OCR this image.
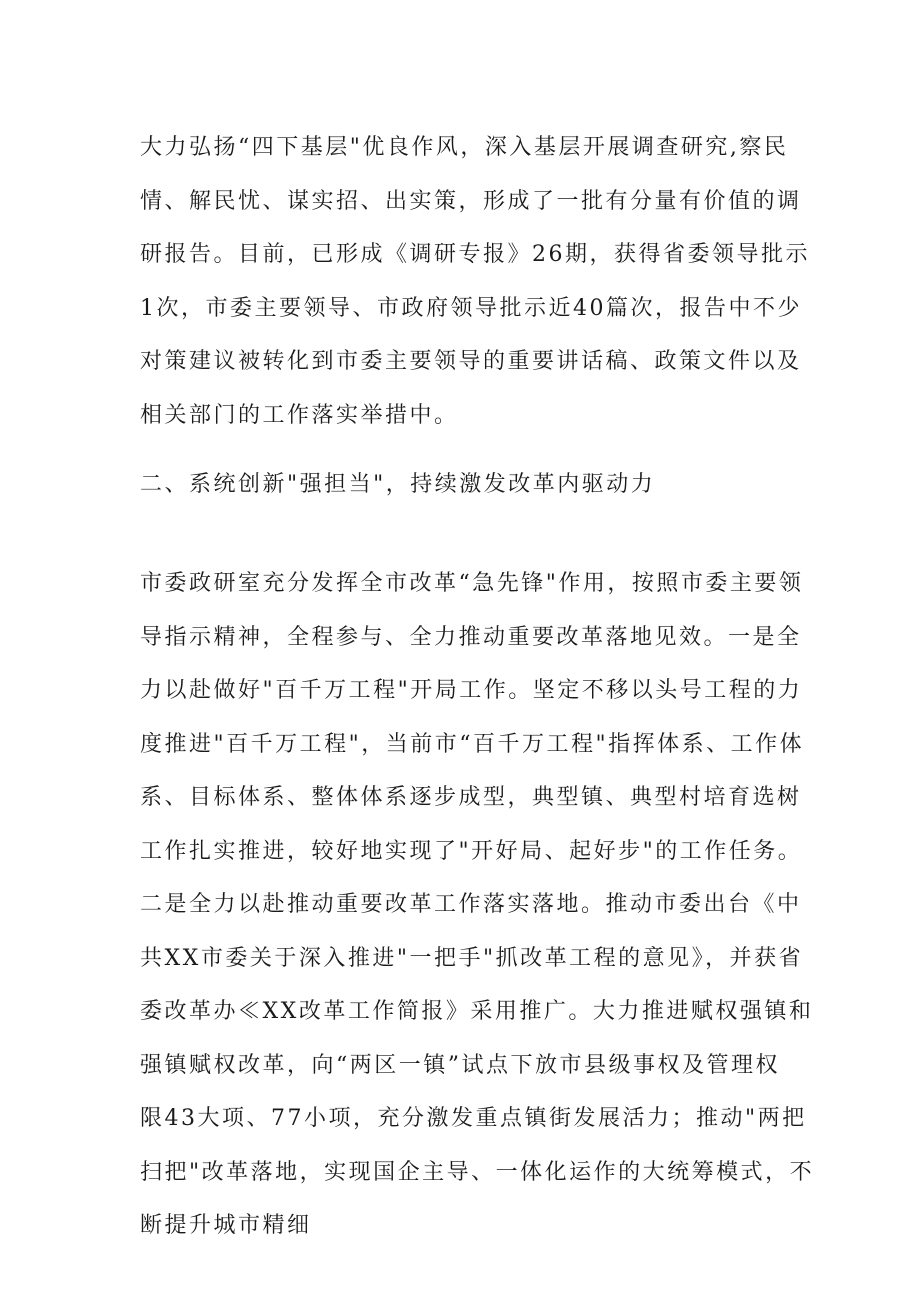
大力弘扬“四下基层"优良作风，深入基层开展调查研究,察民
情、解民忧、谋实招、出实策，形成了一批有分量有价值的调
研报告。目前，已形成《调研专报》26期，获得省委领导批示
1次，市委主要领导、市政府领导批示近40篇次，报告中不少
对策建议被转化到市委主要领导的重要讲话稿、政策文件以及
相关部门的工作落实举措中。

二、系统创新"强担当"，持续激发改革内驱动力

市委政研室充分发挥全市改革“急先锋"作用，按照市委主要领
导指示精神，全程参与、全力推动重要改革落地见效。一是全
力以赴做好"百千万工程"开局工作。坚定不移以头号工程的力
度推进"百千万工程"，当前市“百千万工程"指挥体系、工作体
系、目标体系、整体体系逐步成型，典型镇、典型村培育选树
工作扎实推进，较好地实现了"开好局、起好步"的工作任务。
二是全力以赴推动重要改革工作落实落地。推动市委出台《中
共XX市委关于深入推进"一把手"抓改革工程的意见》，并获省
委改革办≪XX改革工作简报》采用推广。大力推进赋权强镇和
强镇赋权改革，向“两区一镇”试点下放市县级事权及管理权
限43大项、77小项，充分激发重点镇街发展活力；推动"两把
扫把"改革落地，实现国企主导、一体化运作的大统筹模式，不
断提升城市精细
